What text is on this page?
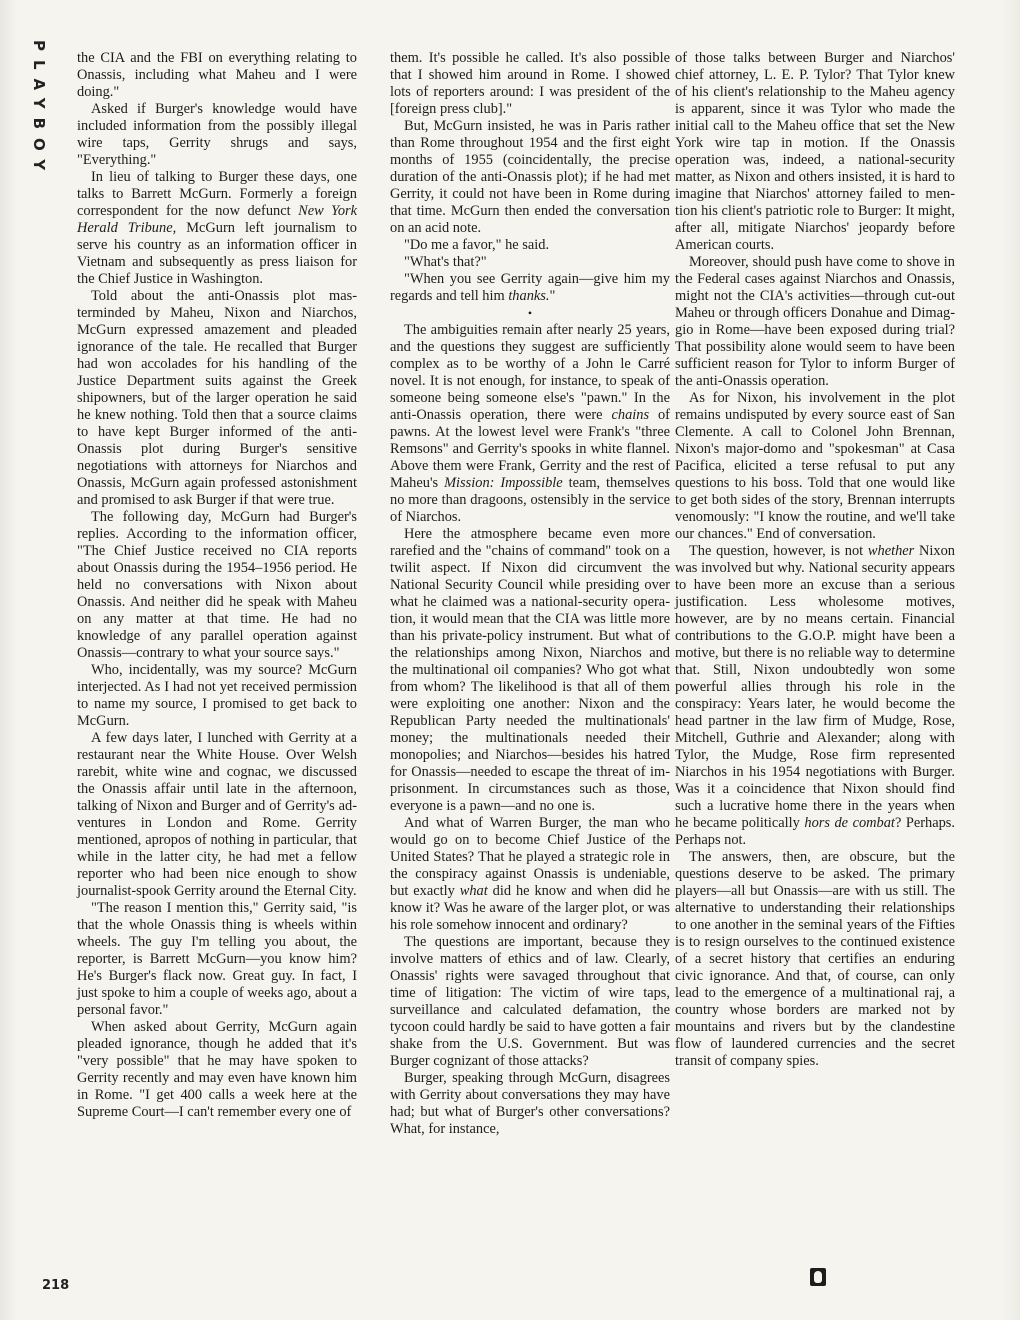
PLAYBOY the CIA and the FBI on everything relating to Onassis, including what Maheu and I were doing."

Asked if Burger's knowledge would have included information from the possibly illegal wire taps, Gerrity shrugs and says, "Everything."

In lieu of talking to Burger these days, one talks to Barrett McGurn. Formerly a foreign correspondent for the now defunct New York Herald Tribune, McGurn left journalism to serve his country as an information officer in Vietnam and subsequently as press liaison for the Chief Justice in Washington.

Told about the anti-Onassis plot masterminded by Maheu, Nixon and Niarchos, McGurn expressed amazement and pleaded ignorance of the tale. He recalled that Burger had won accolades for his handling of the Justice Department suits against the Greek shipowners, but of the larger operation he said he knew nothing. Told then that a source claims to have kept Burger informed of the anti-Onassis plot during Burger's sensitive negotiations with attorneys for Niarchos and Onassis, McGurn again professed astonishment and promised to ask Burger if that were true.

The following day, McGurn had Burger's replies. According to the information officer, "The Chief Justice received no CIA reports about Onassis during the 1954–1956 period. He held no conversations with Nixon about Onassis. And neither did he speak with Maheu on any matter at that time. He had no knowledge of any parallel operation against Onassis—contrary to what your source says."

Who, incidentally, was my source? McGurn interjected. As I had not yet received permission to name my source, I promised to get back to McGurn.

A few days later, I lunched with Gerrity at a restaurant near the White House. Over Welsh rarebit, white wine and cognac, we discussed the Onassis affair until late in the afternoon, talking of Nixon and Burger and of Gerrity's adventures in London and Rome. Gerrity mentioned, apropos of nothing in particular, that while in the latter city, he had met a fellow reporter who had been nice enough to show journalist-spook Gerrity around the Eternal City.

"The reason I mention this," Gerrity said, "is that the whole Onassis thing is wheels within wheels. The guy I'm telling you about, the reporter, is Barrett McGurn—you know him? He's Burger's flack now. Great guy. In fact, I just spoke to him a couple of weeks ago, about a personal favor."

When asked about Gerrity, McGurn again pleaded ignorance, though he added that it's "very possible" that he may have spoken to Gerrity recently and may even have known him in Rome. "I get 400 calls a week here at the Supreme Court—I can't remember every one of

them. It's possible he called. It's also possible that I showed him around in Rome. I showed lots of reporters around: I was president of the [foreign press club]."

But, McGurn insisted, he was in Paris rather than Rome throughout 1954 and the first eight months of 1955 (coincidentally, the precise duration of the anti-Onassis plot); if he had met Gerrity, it could not have been in Rome during that time. McGurn then ended the conversation on an acid note.

"Do me a favor," he said.

"What's that?"

"When you see Gerrity again—give him my regards and tell him thanks."

•

The ambiguities remain after nearly 25 years, and the questions they suggest are sufficiently complex as to be worthy of a John le Carré novel. It is not enough, for instance, to speak of someone being someone else's "pawn." In the anti-Onassis operation, there were chains of pawns. At the lowest level were Frank's "three Remsons" and Gerrity's spooks in white flannel. Above them were Frank, Gerrity and the rest of Maheu's Mission: Impossible team, themselves no more than dragoons, ostensibly in the service of Niarchos.

Here the atmosphere became even more rarefied and the "chains of command" took on a twilit aspect. If Nixon did circumvent the National Security Council while presiding over what he claimed was a national-security operation, it would mean that the CIA was little more than his private-policy instrument. But what of the relationships among Nixon, Niarchos and the multinational oil companies? Who got what from whom? The likelihood is that all of them were exploiting one another: Nixon and the Republican Party needed the multinationals' money; the multinationals needed their monopolies; and Niarchos—besides his hatred for Onassis—needed to escape the threat of imprisonment. In circumstances such as those, everyone is a pawn—and no one is.

And what of Warren Burger, the man who would go on to become Chief Justice of the United States? That he played a strategic role in the conspiracy against Onassis is undeniable, but exactly what did he know and when did he know it? Was he aware of the larger plot, or was his role somehow innocent and ordinary?

The questions are important, because they involve matters of ethics and of law. Clearly, Onassis' rights were savaged throughout that time of litigation: The victim of wire taps, surveillance and calculated defamation, the tycoon could hardly be said to have gotten a fair shake from the U.S. Government. But was Burger cognizant of those attacks?

Burger, speaking through McGurn, disagrees with Gerrity about conversations they may have had; but what of Burger's other conversations? What, for instance,

of those talks between Burger and Niarchos' chief attorney, L. E. P. Tylor? That Tylor knew of his client's relationship to the Maheu agency is apparent, since it was Tylor who made the initial call to the Maheu office that set the New York wire tap in motion. If the Onassis operation was, indeed, a national-security matter, as Nixon and others insisted, it is hard to imagine that Niarchos' attorney failed to mention his client's patriotic role to Burger: It might, after all, mitigate Niarchos' jeopardy before American courts.

Moreover, should push have come to shove in the Federal cases against Niarchos and Onassis, might not the CIA's activities—through cut-out Maheu or through officers Donahue and Dimaggio in Rome—have been exposed during trial? That possibility alone would seem to have been sufficient reason for Tylor to inform Burger of the anti-Onassis operation.

As for Nixon, his involvement in the plot remains undisputed by every source east of San Clemente. A call to Colonel John Brennan, Nixon's major-domo and "spokesman" at Casa Pacifica, elicited a terse refusal to put any questions to his boss. Told that one would like to get both sides of the story, Brennan interrupts venomously: "I know the routine, and we'll take our chances." End of conversation.

The question, however, is not whether Nixon was involved but why. National security appears to have been more an excuse than a serious justification. Less wholesome motives, however, are by no means certain. Financial contributions to the G.O.P. might have been a motive, but there is no reliable way to determine that. Still, Nixon undoubtedly won some powerful allies through his role in the conspiracy: Years later, he would become the head partner in the law firm of Mudge, Rose, Mitchell, Guthrie and Alexander; along with Tylor, the Mudge, Rose firm represented Niarchos in his 1954 negotiations with Burger. Was it a coincidence that Nixon should find such a lucrative home there in the years when he became politically hors de combat? Perhaps. Perhaps not.

The answers, then, are obscure, but the questions deserve to be asked. The primary players—all but Onassis—are with us still. The alternative to understanding their relationships to one another in the seminal years of the Fifties is to resign ourselves to the continued existence of a secret history that certifies an enduring civic ignorance. And that, of course, can only lead to the emergence of a multinational raj, a country whose borders are marked not by mountains and rivers but by the clandestine flow of laundered currencies and the secret transit of company spies.

218
